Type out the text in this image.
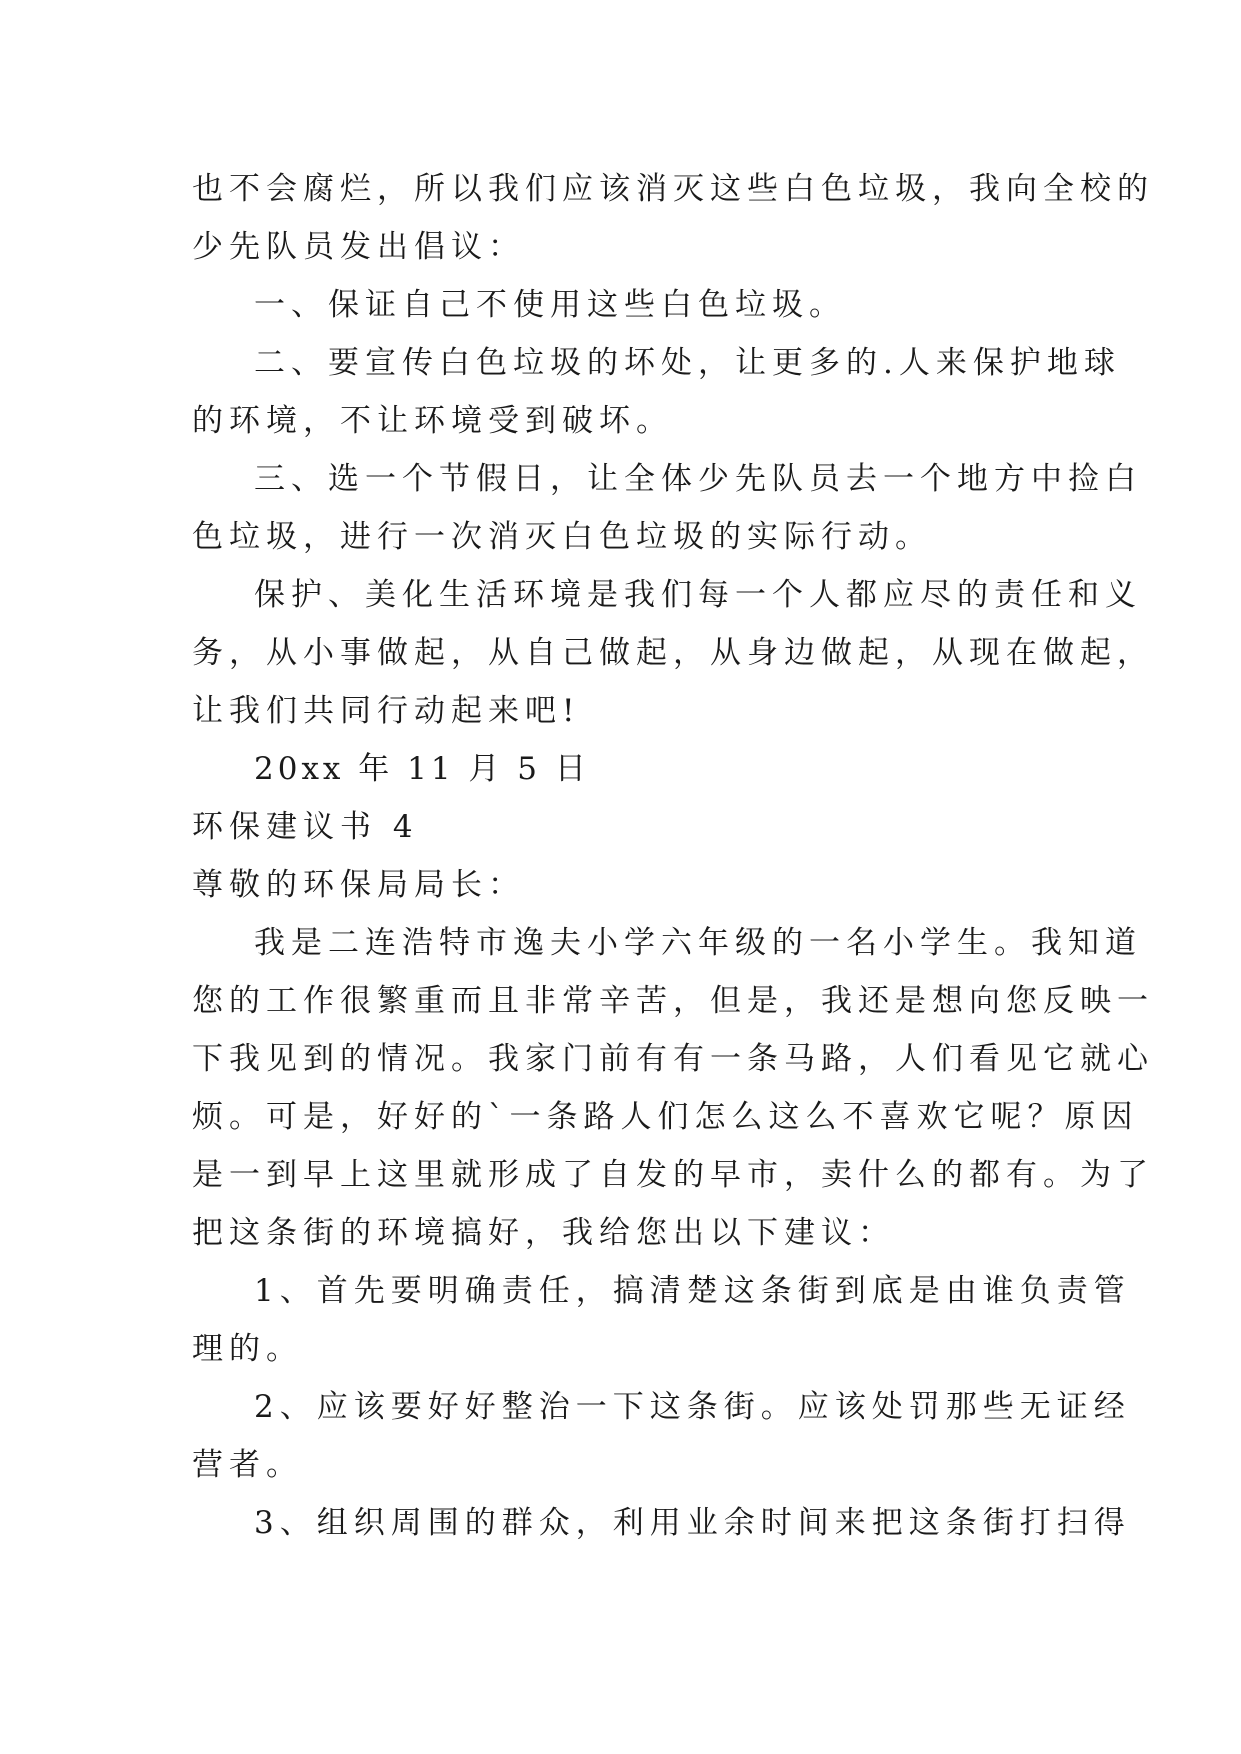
也不会腐烂，所以我们应该消灭这些白色垃圾，我向全校的
少先队员发出倡议：
一、保证自己不使用这些白色垃圾。
二、要宣传白色垃圾的坏处，让更多的.人来保护地球
的环境，不让环境受到破坏。
三、选一个节假日，让全体少先队员去一个地方中捡白
色垃圾，进行一次消灭白色垃圾的实际行动。
保护、美化生活环境是我们每一个人都应尽的责任和义
务，从小事做起，从自己做起，从身边做起，从现在做起，
让我们共同行动起来吧!
20xx 年 11 月 5 日
环保建议书 4
尊敬的环保局局长：
我是二连浩特市逸夫小学六年级的一名小学生。我知道
您的工作很繁重而且非常辛苦，但是，我还是想向您反映一
下我见到的情况。我家门前有有一条马路，人们看见它就心
烦。可是，好好的`一条路人们怎么这么不喜欢它呢？原因
是一到早上这里就形成了自发的早市，卖什么的都有。为了
把这条街的环境搞好，我给您出以下建议：
1、首先要明确责任，搞清楚这条街到底是由谁负责管
理的。
2、应该要好好整治一下这条街。应该处罚那些无证经
营者。
3、组织周围的群众，利用业余时间来把这条街打扫得
